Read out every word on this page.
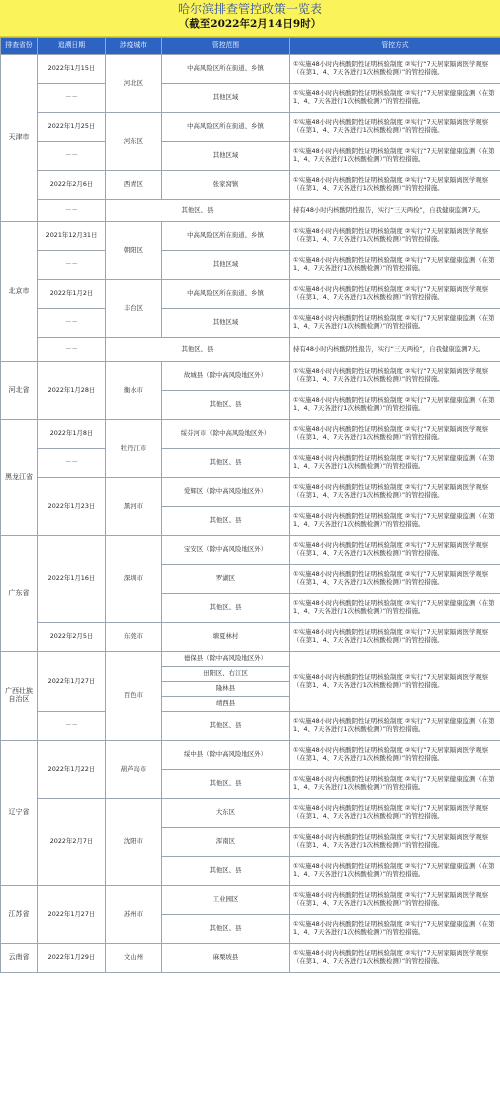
哈尔滨排查管控政策一览表
（截至2022年2月14日9时）
排查省份	追溯日期	涉疫城市	管控范围	管控方式
天津市	2022年1月15日	河北区	中高风险区所在街道、乡镇	①实施48小时内核酸阴性证明核验制度 ②实行“7天居家隔离医学观察（在第1、4、7天各进行1次核酸检测）”的管控措施。
	－－		其他区域	①实施48小时内核酸阴性证明核验制度 ②实行“7天居家健康监测（在第1、4、7天各进行1次核酸检测）”的管控措施。
	2022年1月25日	河东区	中高风险区所在街道、乡镇	①实施48小时内核酸阴性证明核验制度 ②实行“7天居家隔离医学观察（在第1、4、7天各进行1次核酸检测）”的管控措施。
	－－		其他区域	①实施48小时内核酸阴性证明核验制度 ②实行“7天居家健康监测（在第1、4、7天各进行1次核酸检测）”的管控措施。
	2022年2月6日	西青区	张家窝镇	①实施48小时内核酸阴性证明核验制度 ②实行“7天居家隔离医学观察（在第1、4、7天各进行1次核酸检测）”的管控措施。
	－－	其他区、县		持有48小时内核酸阴性报告，实行“三天两检”，自我健康监测7天。
北京市	2021年12月31日	朝阳区	中高风险区所在街道、乡镇	①实施48小时内核酸阴性证明核验制度 ②实行“7天居家隔离医学观察（在第1、4、7天各进行1次核酸检测）”的管控措施。
	－－		其他区域	①实施48小时内核酸阴性证明核验制度 ②实行“7天居家健康监测（在第1、4、7天各进行1次核酸检测）”的管控措施。
	2022年1月2日	丰台区	中高风险区所在街道、乡镇	①实施48小时内核酸阴性证明核验制度 ②实行“7天居家隔离医学观察（在第1、4、7天各进行1次核酸检测）”的管控措施。
	－－		其他区域	①实施48小时内核酸阴性证明核验制度 ②实行“7天居家健康监测（在第1、4、7天各进行1次核酸检测）”的管控措施。
	－－	其他区、县		持有48小时内核酸阴性报告，实行“三天两检”，自我健康监测7天。
河北省	2022年1月28日	衡水市	故城县（除中高风险地区外）	①实施48小时内核酸阴性证明核验制度 ②实行“7天居家隔离医学观察（在第1、4、7天各进行1次核酸检测）”的管控措施。
			其他区、县	①实施48小时内核酸阴性证明核验制度 ②实行“7天居家健康监测（在第1、4、7天各进行1次核酸检测）”的管控措施。
黑龙江省	2022年1月8日	牡丹江市	绥芬河市（除中高风险地区外）	①实施48小时内核酸阴性证明核验制度 ②实行“7天居家隔离医学观察（在第1、4、7天各进行1次核酸检测）”的管控措施。
	－－		其他区、县	①实施48小时内核酸阴性证明核验制度 ②实行“7天居家健康监测（在第1、4、7天各进行1次核酸检测）”的管控措施。
	2022年1月23日	黑河市	爱辉区（除中高风险地区外）	①实施48小时内核酸阴性证明核验制度 ②实行“7天居家隔离医学观察（在第1、4、7天各进行1次核酸检测）”的管控措施。
			其他区、县	①实施48小时内核酸阴性证明核验制度 ②实行“7天居家健康监测（在第1、4、7天各进行1次核酸检测）”的管控措施。
广东省	2022年1月16日	深圳市	宝安区（除中高风险地区外）	①实施48小时内核酸阴性证明核验制度 ②实行“7天居家隔离医学观察（在第1、4、7天各进行1次核酸检测）”的管控措施。
			罗湖区	①实施48小时内核酸阴性证明核验制度 ②实行“7天居家隔离医学观察（在第1、4、7天各进行1次核酸检测）”的管控措施。
			其他区、县	①实施48小时内核酸阴性证明核验制度 ②实行“7天居家健康监测（在第1、4、7天各进行1次核酸检测）”的管控措施。
	2022年2月5日	东莞市	塘夏林村	①实施48小时内核酸阴性证明核验制度 ②实行“7天居家隔离医学观察（在第1、4、7天各进行1次核酸检测）”的管控措施。
广西壮族自治区	2022年1月27日	百色市	德保县（除中高风险地区外）	①实施48小时内核酸阴性证明核验制度 ②实行“7天居家隔离医学观察（在第1、4、7天各进行1次核酸检测）”的管控措施。
			田阳区、右江区	
			隆林县	
			靖西县	
	－－		其他区、县	①实施48小时内核酸阴性证明核验制度 ②实行“7天居家健康监测（在第1、4、7天各进行1次核酸检测）”的管控措施。
辽宁省	2022年1月22日	葫芦岛市	绥中县（除中高风险地区外）	①实施48小时内核酸阴性证明核验制度 ②实行“7天居家隔离医学观察（在第1、4、7天各进行1次核酸检测）”的管控措施。
			其他区、县	①实施48小时内核酸阴性证明核验制度 ②实行“7天居家健康监测（在第1、4、7天各进行1次核酸检测）”的管控措施。
	2022年2月7日	沈阳市	大东区	①实施48小时内核酸阴性证明核验制度 ②实行“7天居家隔离医学观察（在第1、4、7天各进行1次核酸检测）”的管控措施。
			浑南区	①实施48小时内核酸阴性证明核验制度 ②实行“7天居家隔离医学观察（在第1、4、7天各进行1次核酸检测）”的管控措施。
			其他区、县	①实施48小时内核酸阴性证明核验制度 ②实行“7天居家健康监测（在第1、4、7天各进行1次核酸检测）”的管控措施。
江苏省	2022年1月27日	苏州市	工业园区	①实施48小时内核酸阴性证明核验制度 ②实行“7天居家隔离医学观察（在第1、4、7天各进行1次核酸检测）”的管控措施。
			其他区、县	①实施48小时内核酸阴性证明核验制度 ②实行“7天居家健康监测（在第1、4、7天各进行1次核酸检测）”的管控措施。
云南省	2022年1月29日	文山州	麻栗坡县	①实施48小时内核酸阴性证明核验制度 ②实行“7天居家隔离医学观察（在第1、4、7天各进行1次核酸检测）”的管控措施。
